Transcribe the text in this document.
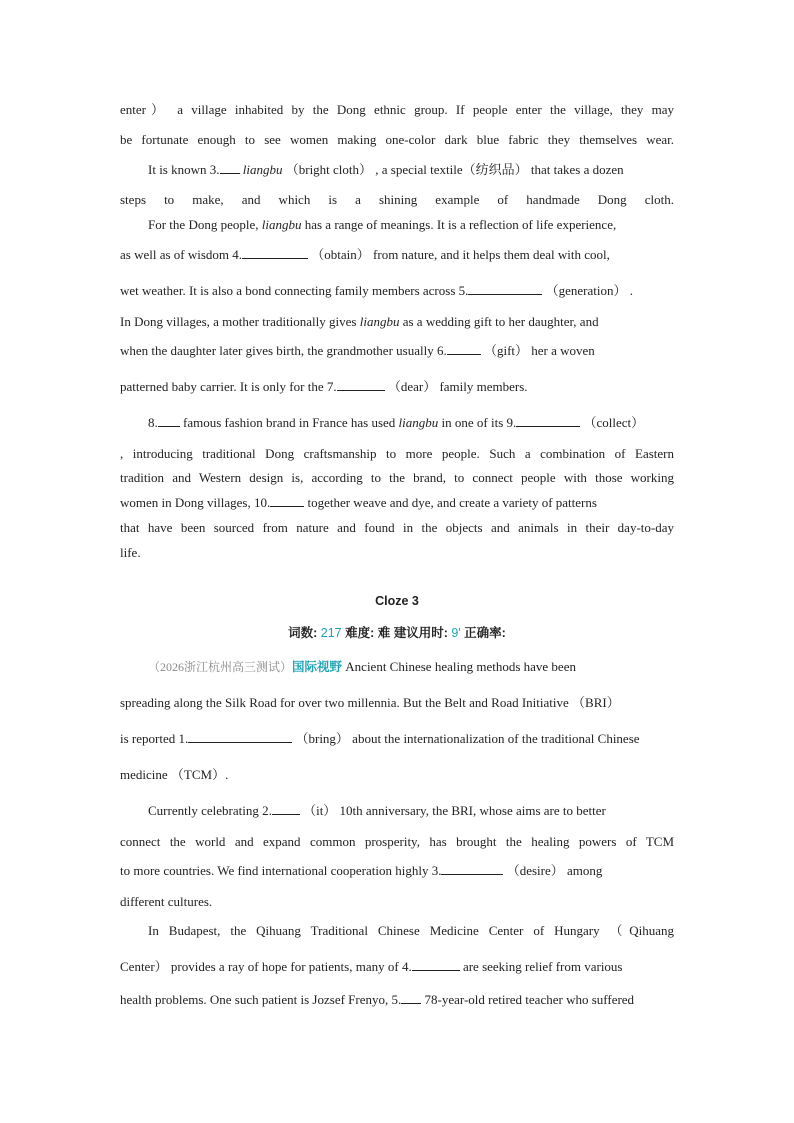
enter） a village inhabited by the Dong ethnic group. If people enter the village, they may
be fortunate enough to see women making one-color dark blue fabric they themselves wear.
It is known 3. liangbu （bright cloth） , a special textile（纺织品） that takes a dozen
steps to make, and which is a shining example of handmade Dong cloth.
For the Dong people, liangbu has a range of meanings. It is a reflection of life experience,
as well as of wisdom 4.	（obtain） from nature, and it helps them deal with cool,
wet weather. It is also a bond connecting family members across 5.	（generation） .
In Dong villages, a mother traditionally gives liangbu as a wedding gift to her daughter, and
when the daughter later gives birth, the grandmother usually 6.	（gift） her a woven
patterned baby carrier. It is only for the 7.	（dear） family members.
8. famous fashion brand in France has used liangbu in one of its 9.	（collect）
, introducing traditional Dong craftsmanship to more people. Such a combination of Eastern
tradition and Western design is, according to the brand, to connect people with those working
women in Dong villages, 10.	together weave and dye, and create a variety of patterns
that have been sourced from nature and found in the objects and animals in their day-to-day
life.
Cloze 3
词数: 217 难度: 难 建议用时: 9' 正确率:
（2026浙江杭州高三测试）国际视野 Ancient Chinese healing methods have been
spreading along the Silk Road for over two millennia. But the Belt and Road Initiative （BRI）
is reported 1.	（bring） about the internationalization of the traditional Chinese
medicine （TCM）.
Currently celebrating 2. （it） 10th anniversary, the BRI, whose aims are to better
connect the world and expand common prosperity, has brought the healing powers of TCM
to more countries. We find international cooperation highly 3.	（desire） among
different cultures.
In Budapest, the Qihuang Traditional Chinese Medicine Center of Hungary （Qihuang
Center） provides a ray of hope for patients, many of 4.	are seeking relief from various
health problems. One such patient is Jozsef Frenyo, 5. 78-year-old retired teacher who suffered
